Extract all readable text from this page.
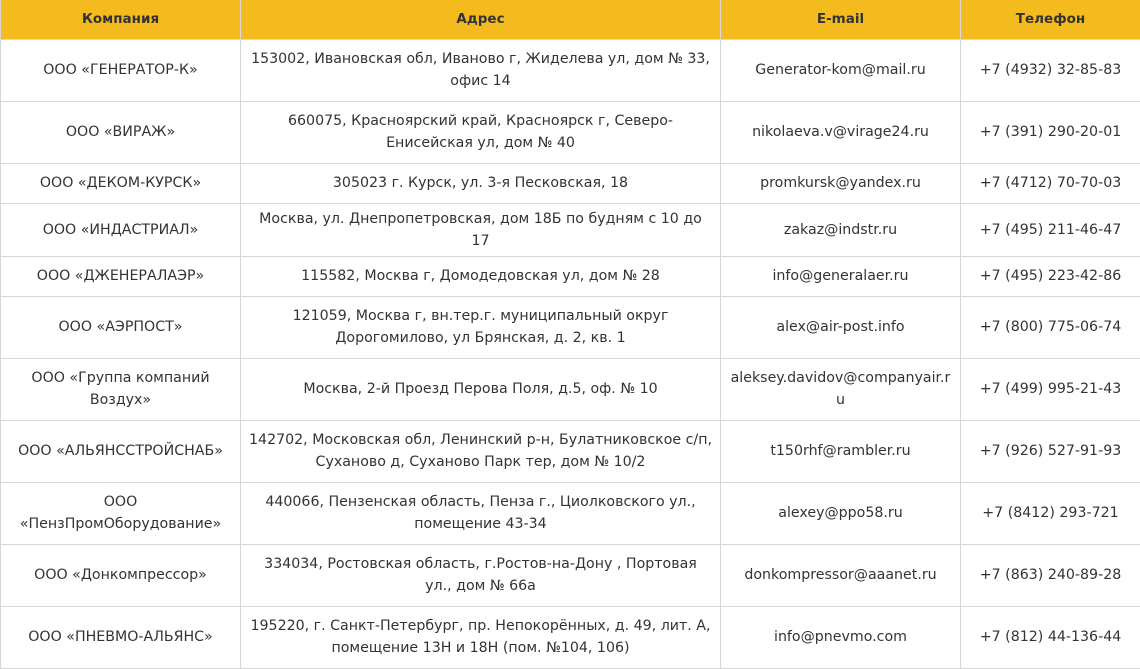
Компания	Адрес	E-mail	Телефон
ООО «ГЕНЕРАТОР-К»	153002, Ивановская обл, Иваново г, Жиделева ул, дом № 33, офис 14	Generator-kom@mail.ru	+7 (4932) 32-85-83
ООО «ВИРАЖ»	660075, Красноярский край, Красноярск г, Северо-Енисейская ул, дом № 40	nikolaeva.v@virage24.ru	+7 (391) 290-20-01
ООО «ДЕКОМ-КУРСК»	305023 г. Курск, ул. 3-я Песковская, 18	promkursk@yandex.ru	+7 (4712) 70-70-03
ООО «ИНДАСТРИАЛ»	Москва, ул. Днепропетровская, дом 18Б по будням с 10 до 17	zakaz@indstr.ru	+7 (495) 211-46-47
ООО «ДЖЕНЕРАЛАЭР»	115582, Москва г, Домодедовская ул, дом № 28	info@generalaer.ru	+7 (495) 223-42-86
ООО «АЭРПОСТ»	121059, Москва г, вн.тер.г. муниципальный округ Дорогомилово, ул Брянская, д. 2, кв. 1	alex@air-post.info	+7 (800) 775-06-74
ООО «Группа компаний Воздух»	Москва, 2-й Проезд Перова Поля, д.5, оф. № 10	aleksey.davidov@companyair.ru	+7 (499) 995-21-43
ООО «АЛЬЯНССТРОЙСНАБ»	142702, Московская обл, Ленинский р-н, Булатниковское с/п, Суханово д, Суханово Парк тер, дом № 10/2	t150rhf@rambler.ru	+7 (926) 527-91-93
ООО «ПензПромОборудование»	440066, Пензенская область, Пенза г., Циолковского ул., помещение 43-34	alexey@ppo58.ru	+7 (8412) 293-721
ООО «Донкомпрессор»	334034, Ростовская область, г.Ростов-на-Дону , Портовая ул., дом № 66а	donkompressor@aaanet.ru	+7 (863) 240-89-28
ООО «ПНЕВМО-АЛЬЯНС»	195220, г. Санкт-Петербург, пр. Непокорённых, д. 49, лит. А, помещение 13Н и 18Н (пом. №104, 106)	info@pnevmo.com	+7 (812) 44-136-44
